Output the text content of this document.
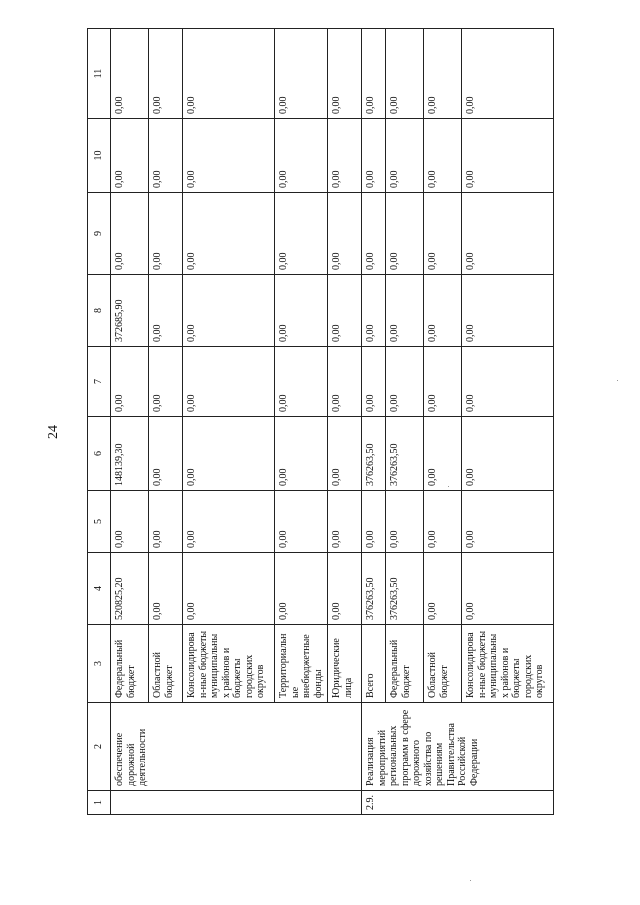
24
1	2	3	4	5	6	7	8	9	10	11
	обеспечение дорожной деятельности	Федеральный бюджет	520825,20	0,00	148139,30	0,00	372685,90	0,00	0,00	0,00
		Областной бюджет	0,00	0,00	0,00	0,00	0,00	0,00	0,00	0,00
		Консолидирован-ные бюджеты муниципальных районов и бюджеты городских округов	0,00	0,00	0,00	0,00	0,00	0,00	0,00	0,00
		Территориальные внебюджетные фонды	0,00	0,00	0,00	0,00	0,00	0,00	0,00	0,00
		Юридические лица	0,00	0,00	0,00	0,00	0,00	0,00	0,00	0,00
2.9.	Реализация мероприятий региональных программ в сфере дорожного хозяйства по решениям Правительства Российской Федерации	Всего	376263,50	0,00	376263,50	0,00	0,00	0,00	0,00	0,00
		Федеральный бюджет	376263,50	0,00	376263,50	0,00	0,00	0,00	0,00	0,00
		Областной бюджет	0,00	0,00	0,00	0,00	0,00	0,00	0,00	0,00
		Консолидирован-ные бюджеты муниципальных районов и бюджеты городских округов	0,00	0,00	0,00	0,00	0,00	0,00	0,00	0,00
